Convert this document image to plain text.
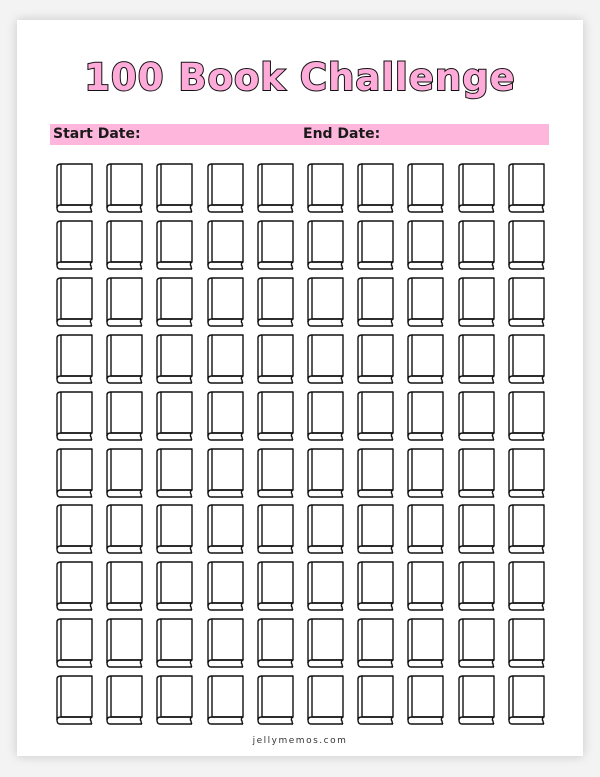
100 Book Challenge
Start Date:	End Date:
jellymemos.com
